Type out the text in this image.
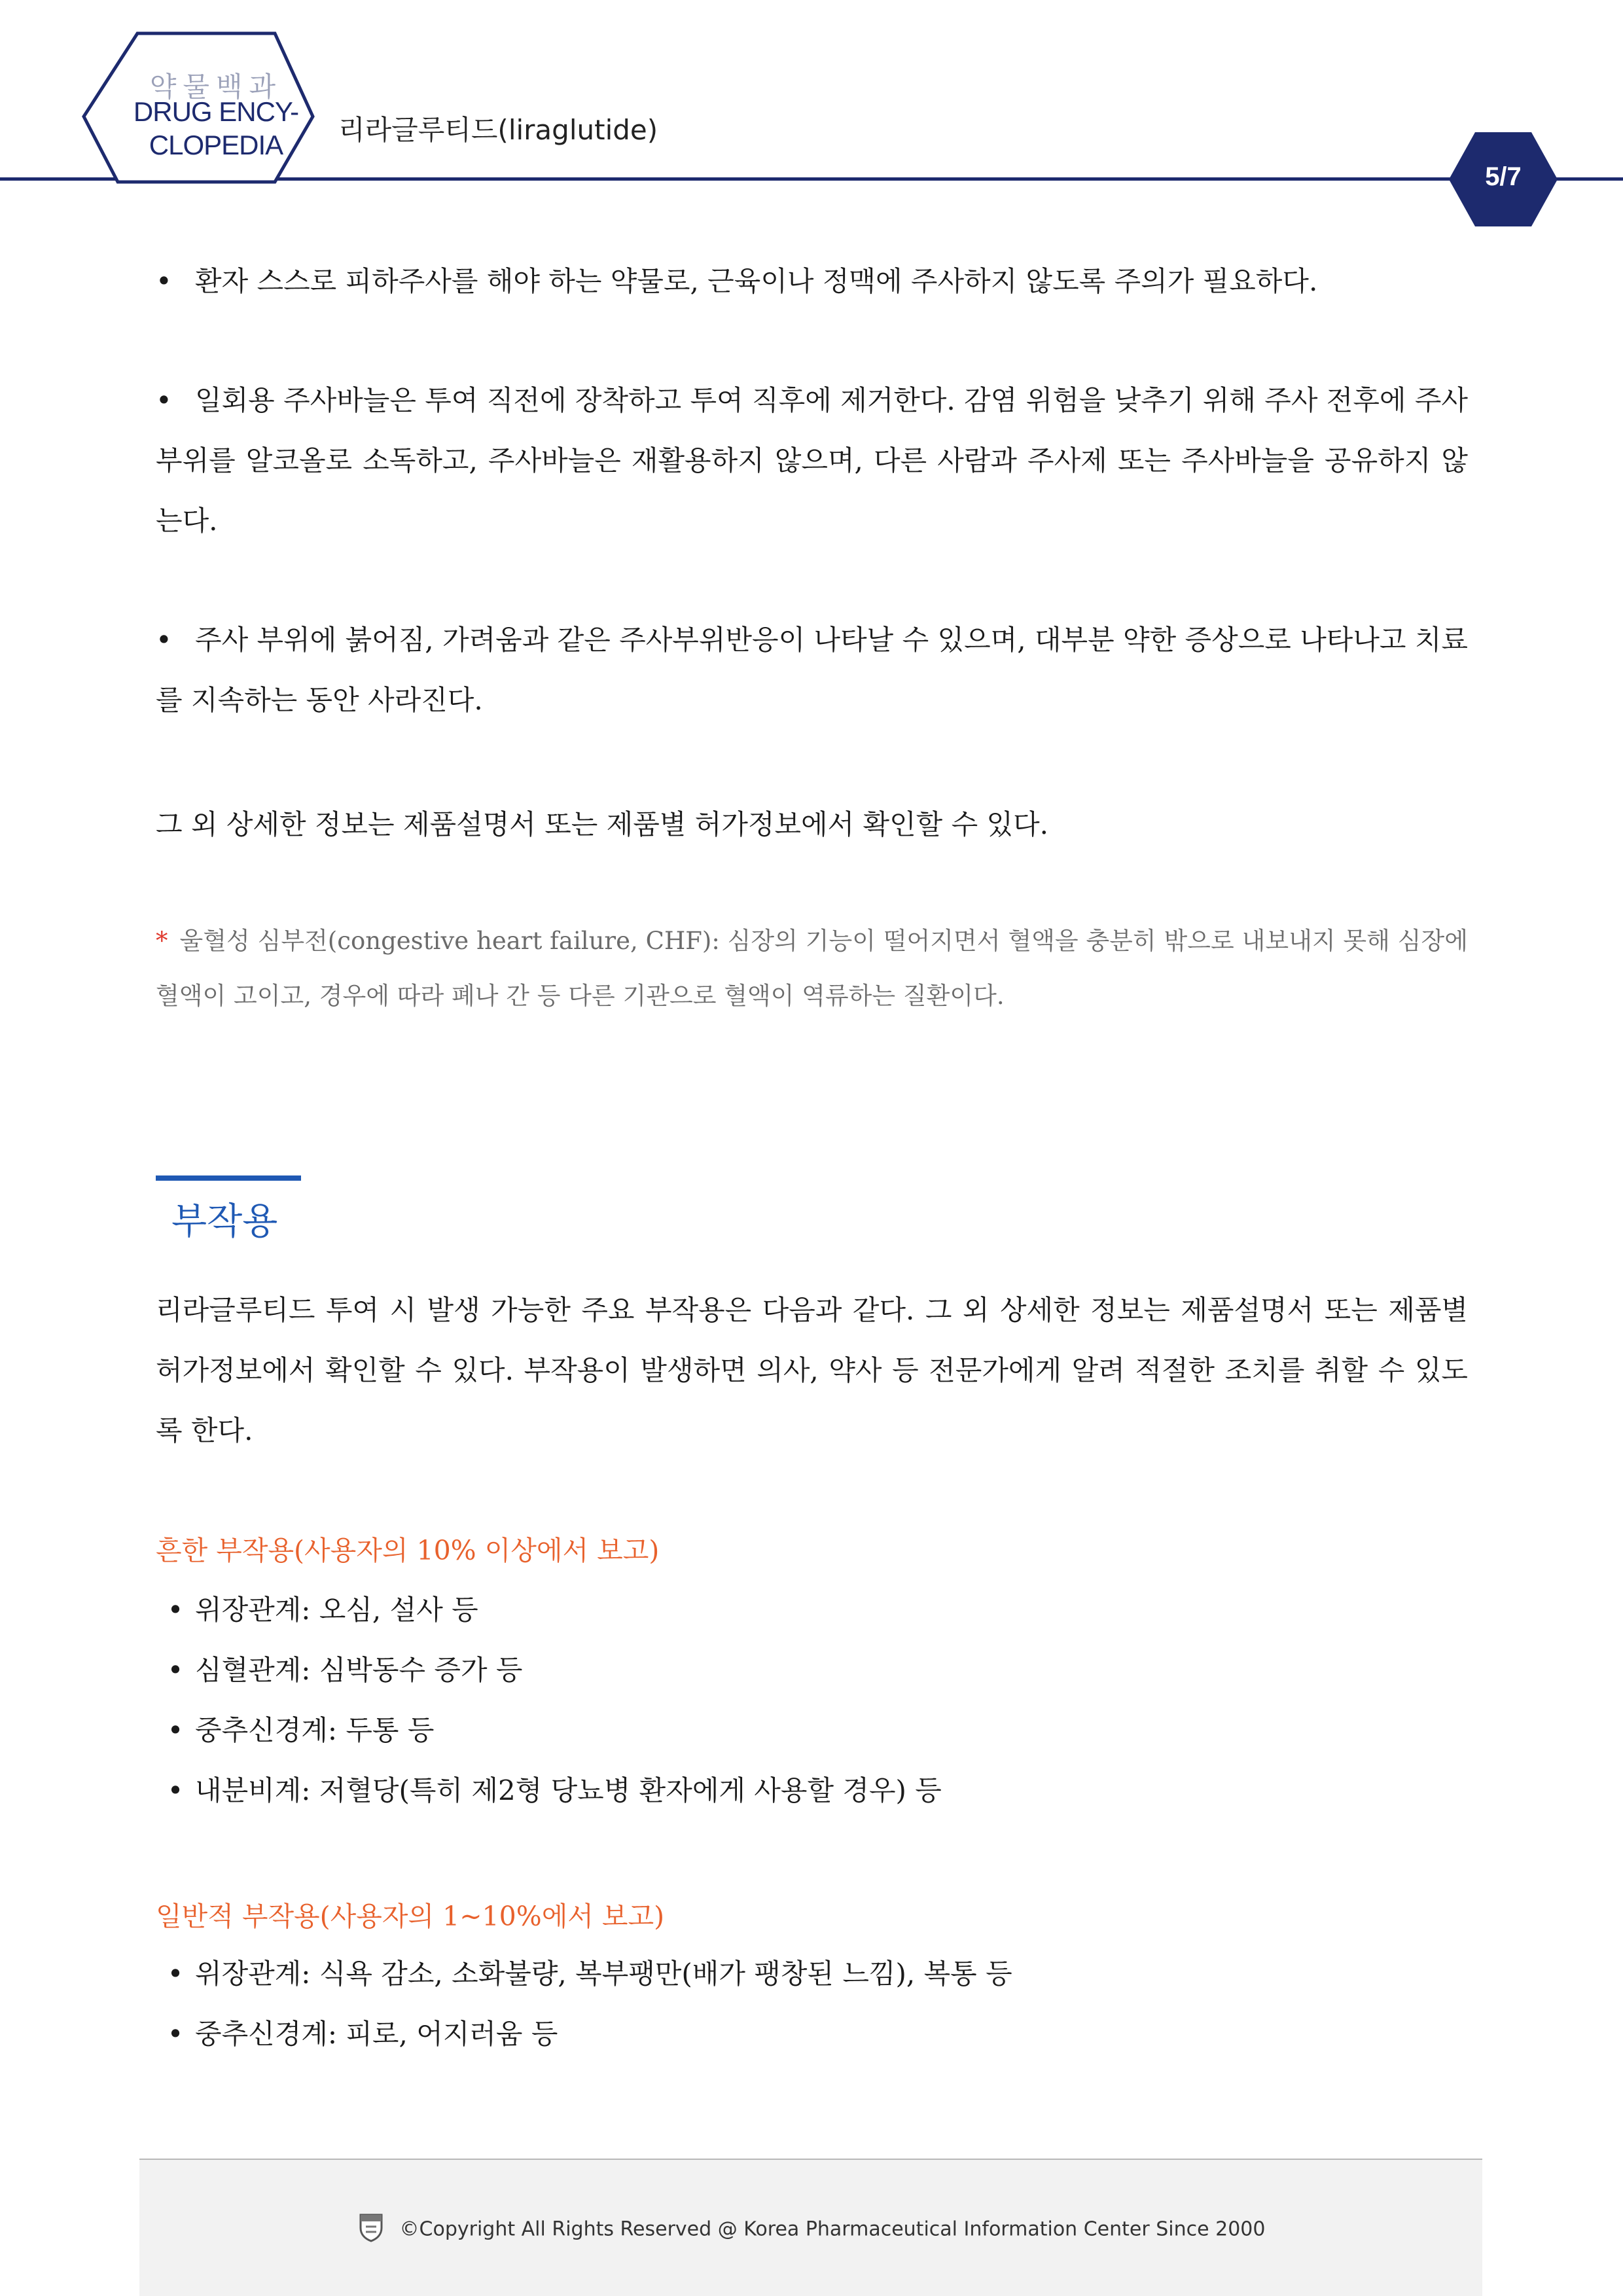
약물백과
DRUG ENCY-
CLOPEDIA	리라글루티드(liraglutide)
5/7

• 환자 스스로 피하주사를 해야 하는 약물로, 근육이나 정맥에 주사하지 않도록 주의가 필요하다.

• 일회용 주사바늘은 투여 직전에 장착하고 투여 직후에 제거한다. 감염 위험을 낮추기 위해 주사 전후에 주사 부위를 알코올로 소독하고, 주사바늘은 재활용하지 않으며, 다른 사람과 주사제 또는 주사바늘을 공유하지 않는다.

• 주사 부위에 붉어짐, 가려움과 같은 주사부위반응이 나타날 수 있으며, 대부분 약한 증상으로 나타나고 치료를 지속하는 동안 사라진다.

그 외 상세한 정보는 제품설명서 또는 제품별 허가정보에서 확인할 수 있다.

* 울혈성 심부전(congestive heart failure, CHF): 심장의 기능이 떨어지면서 혈액을 충분히 밖으로 내보내지 못해 심장에 혈액이 고이고, 경우에 따라 폐나 간 등 다른 기관으로 혈액이 역류하는 질환이다.

부작용

리라글루티드 투여 시 발생 가능한 주요 부작용은 다음과 같다. 그 외 상세한 정보는 제품설명서 또는 제품별 허가정보에서 확인할 수 있다. 부작용이 발생하면 의사, 약사 등 전문가에게 알려 적절한 조치를 취할 수 있도록 한다.

흔한 부작용(사용자의 10% 이상에서 보고)

• 위장관계: 오심, 설사 등

• 심혈관계: 심박동수 증가 등

• 중추신경계: 두통 등

• 내분비계: 저혈당(특히 제2형 당뇨병 환자에게 사용할 경우) 등

일반적 부작용(사용자의 1~10%에서 보고)

• 위장관계: 식욕 감소, 소화불량, 복부팽만(배가 팽창된 느낌), 복통 등

• 중추신경계: 피로, 어지러움 등

©Copyright All Rights Reserved @ Korea Pharmaceutical Information Center Since 2000
